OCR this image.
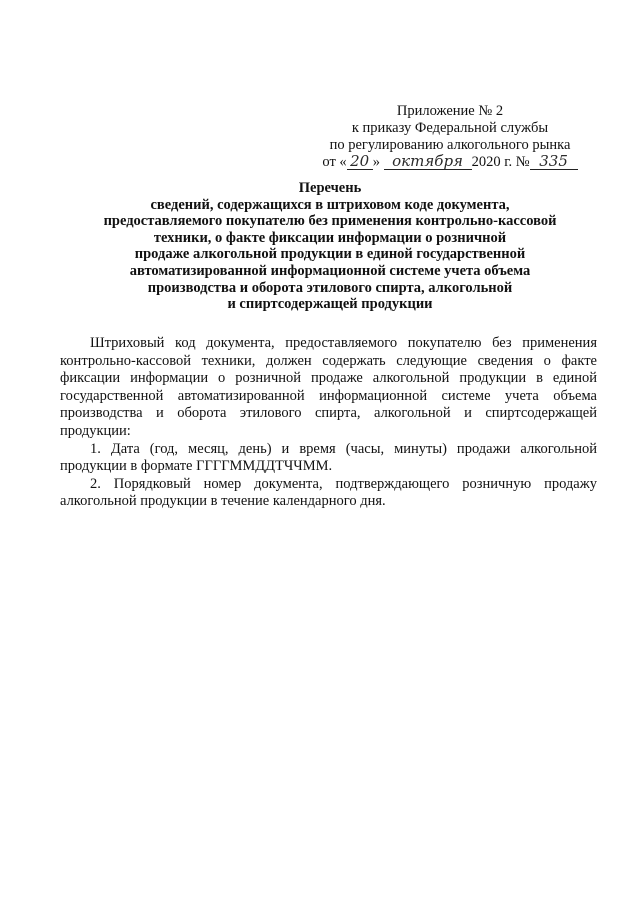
Приложение № 2
к приказу Федеральной службы
по регулированию алкогольного рынка
от « 20 » октября 2020 г. № 335
Перечень
сведений, содержащихся в штриховом коде документа,
предоставляемого покупателю без применения контрольно-кассовой
техники, о факте фиксации информации о розничной
продаже алкогольной продукции в единой государственной
автоматизированной информационной системе учета объема
производства и оборота этилового спирта, алкогольной
и спиртсодержащей продукции

Штриховый код документа, предоставляемого покупателю без применения контрольно-кассовой техники, должен содержать следующие сведения о факте фиксации информации о розничной продаже алкогольной продукции в единой государственной автоматизированной информационной системе учета объема производства и оборота этилового спирта, алкогольной и спиртсодержащей продукции:

1. Дата (год, месяц, день) и время (часы, минуты) продажи алкогольной продукции в формате ГГГГММДДТЧЧММ.

2. Порядковый номер документа, подтверждающего розничную продажу алкогольной продукции в течение календарного дня.
